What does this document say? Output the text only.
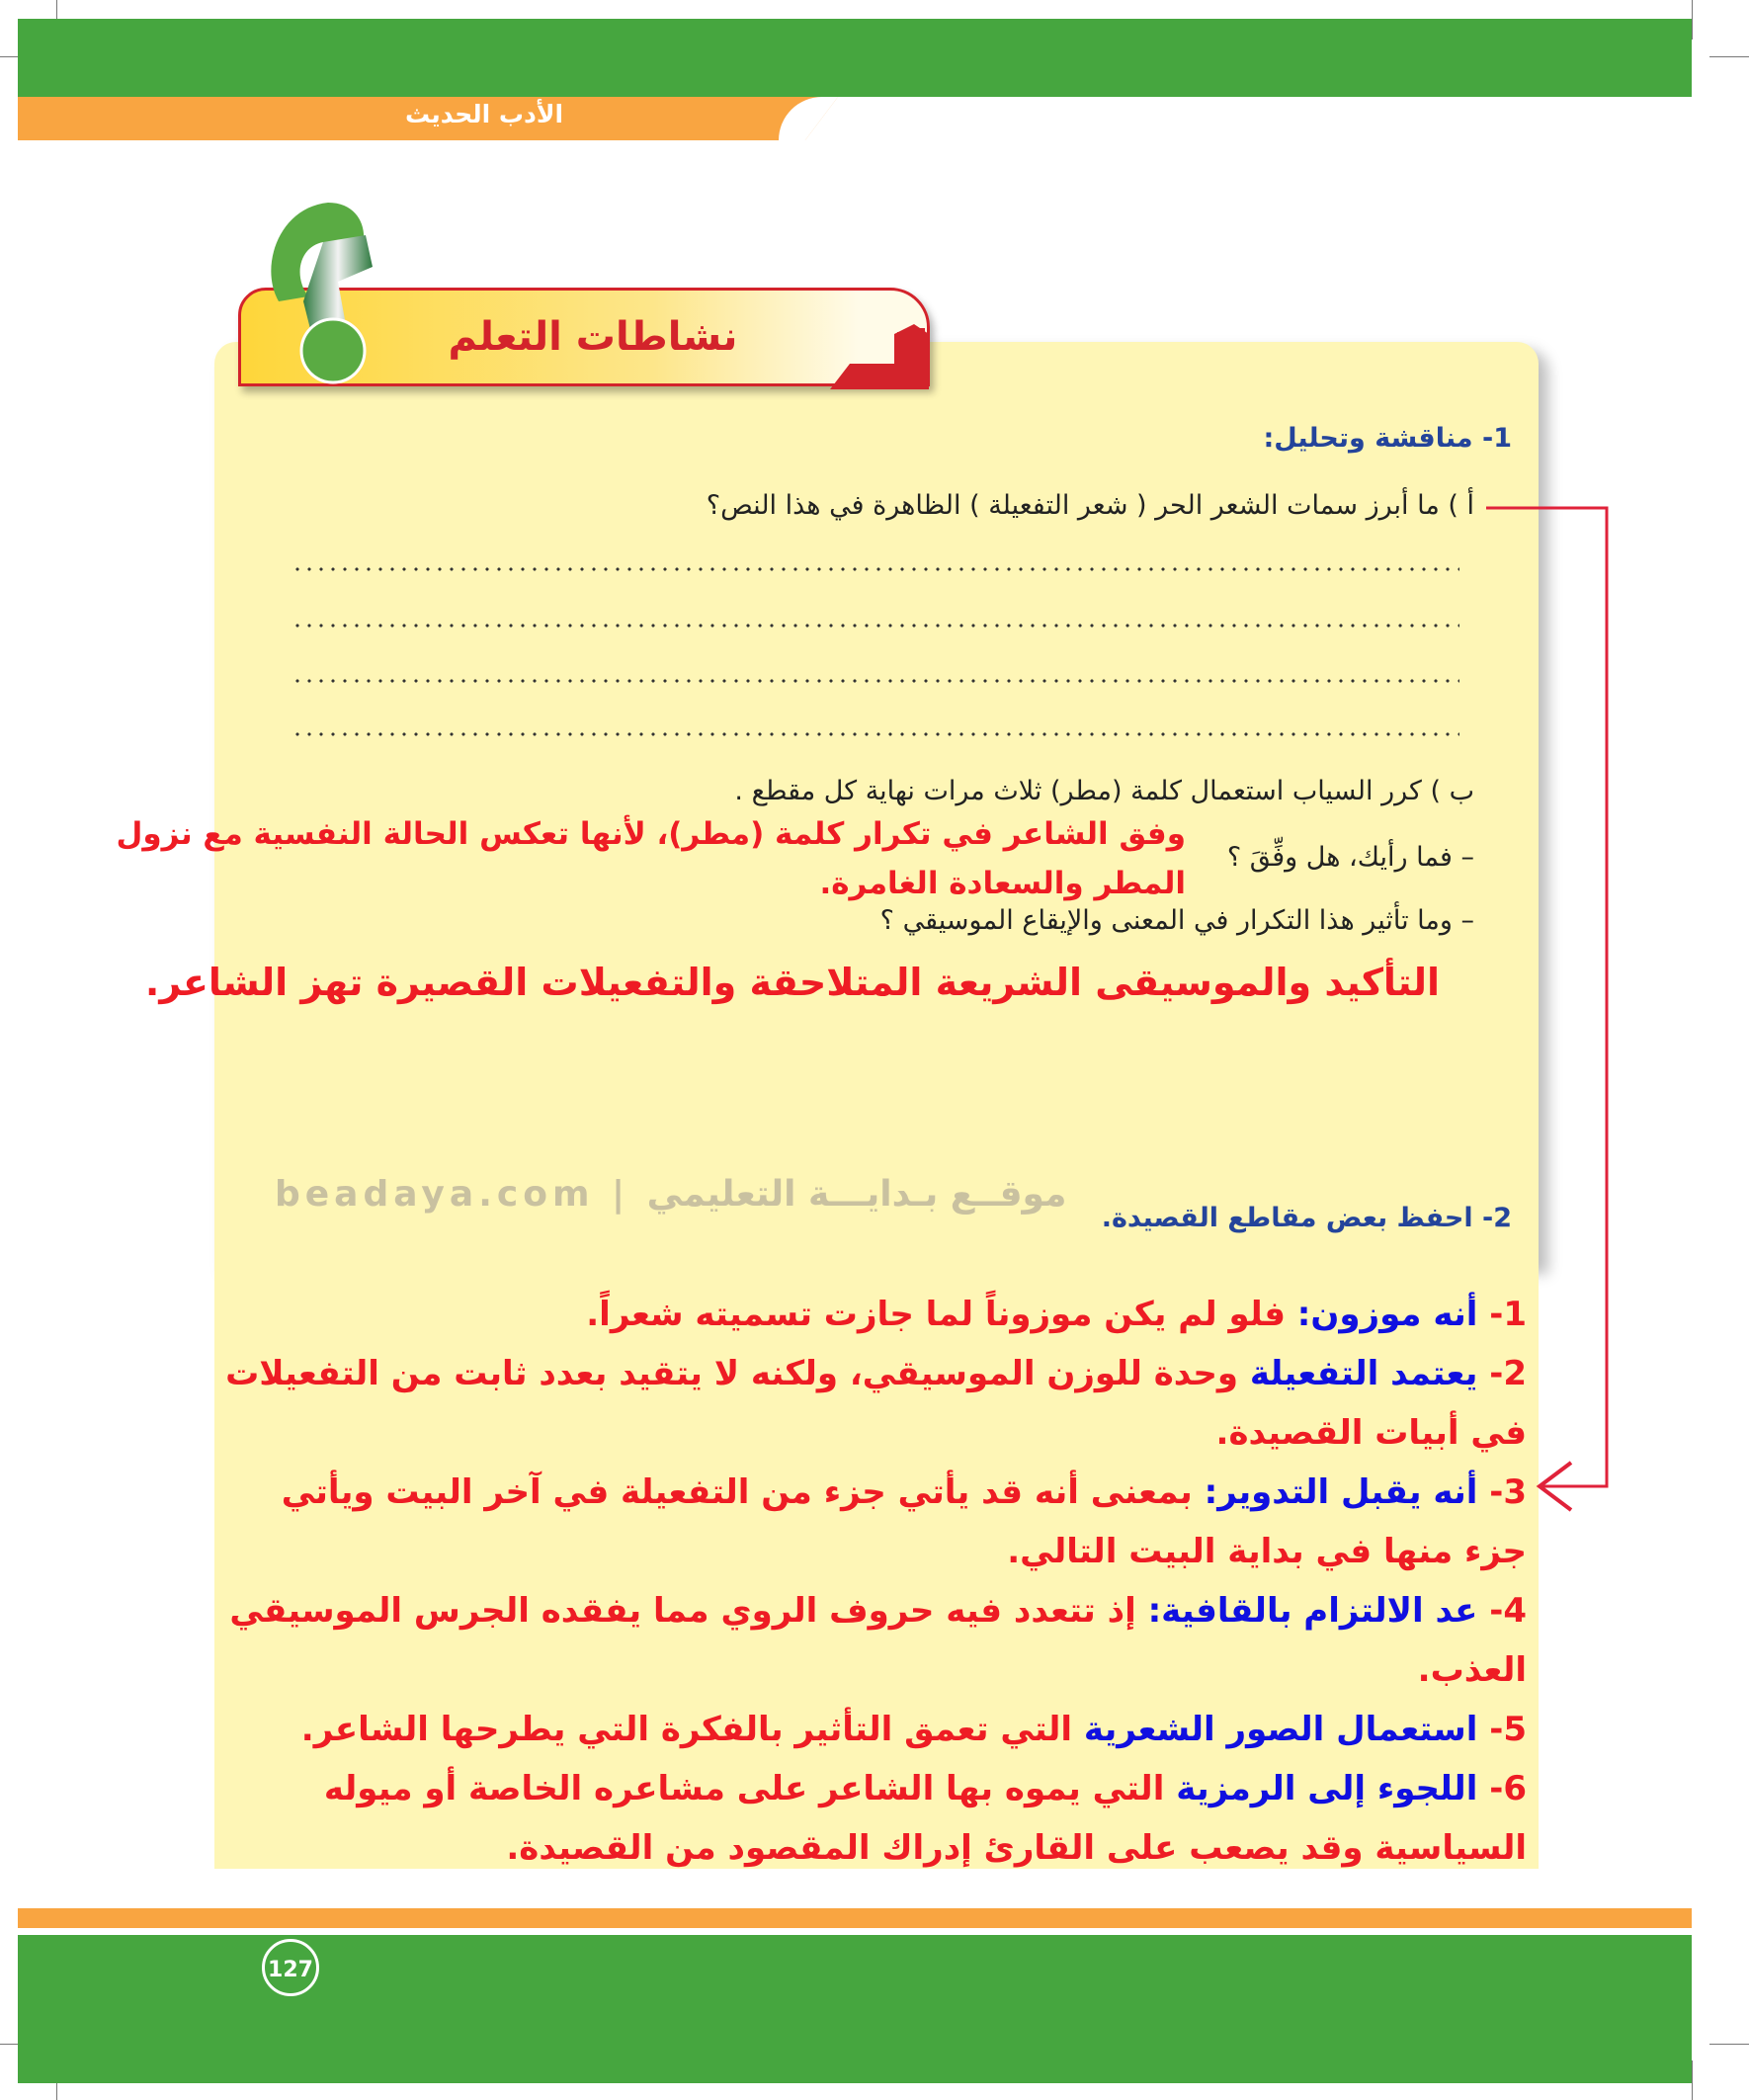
الأدب الحديث
نشاطات التعلم
1- مناقشة وتحليل:
أ ) ما أبرز سمات الشعر الحر ( شعر التفعيلة ) الظاهرة في هذا النص؟
ب ) كرر السياب استعمال كلمة (مطر) ثلاث مرات نهاية كل مقطع .
وفق الشاعر في تكرار كلمة (مطر)، لأنها تعكس الحالة النفسية مع نزول
– فما رأيك، هل وفِّقَ ؟
المطر والسعادة الغامرة.
– وما تأثير هذا التكرار في المعنى والإيقاع الموسيقي ؟
التأكيد والموسيقى الشريعة المتلاحقة والتفعيلات القصيرة تهز الشاعر.
beadaya.com | موقــع بـدايـــة التعليمي
2- احفظ بعض مقاطع القصيدة.

1- أنه موزون: فلو لم يكن موزوناً لما جازت تسميته شعراً.

2- يعتمد التفعيلة وحدة للوزن الموسيقي، ولكنه لا يتقيد بعدد ثابت من التفعيلات في أبيات القصيدة.

3- أنه يقبل التدوير: بمعنى أنه قد يأتي جزء من التفعيلة في آخر البيت ويأتي جزء منها في بداية البيت التالي.

4- عد الالتزام بالقافية: إذ تتعدد فيه حروف الروي مما يفقده الجرس الموسيقي العذب.

5- استعمال الصور الشعرية التي تعمق التأثير بالفكرة التي يطرحها الشاعر.

6- اللجوء إلى الرمزية التي يموه بها الشاعر على مشاعره الخاصة أو ميوله السياسية وقد يصعب على القارئ إدراك المقصود من القصيدة.

127
